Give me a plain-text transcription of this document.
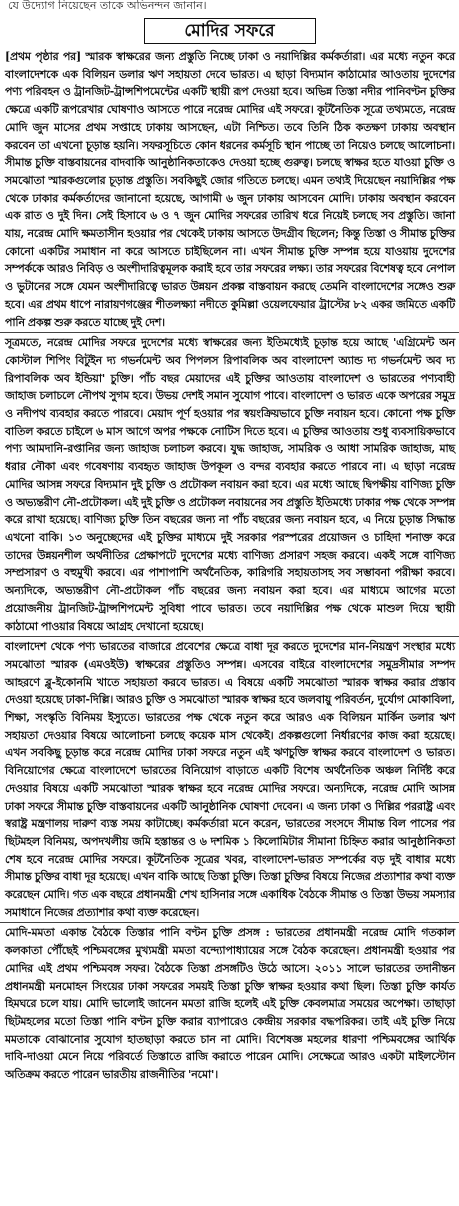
যে উদ্যোগ নিয়েছেন তাকে অভিনন্দন জানান।
মোদির সফরে

[প্রথম পৃষ্ঠার পর] স্মারক স্বাক্ষরের জন্য প্রস্তুতি নিচ্ছে ঢাকা ও নয়াদিল্লির কর্মকর্তারা। এর মধ্যে নতুন করে বাংলাদেশকে এক বিলিয়ন ডলার ঋণ সহায়তা দেবে ভারত। এ ছাড়া বিদ্যমান কাঠামোর আওতায় দুদেশের পণ্য পরিবহন ও ট্রানজিট-ট্রান্সশিপমেন্টের একটি স্থায়ী রূপ দেওয়া হবে। অভিন্ন তিস্তা নদীর পানিবণ্টন চুক্তির ক্ষেত্রে একটি রূপরেখার ঘোষণাও আসতে পারে নরেন্দ্র মোদির এই সফরে। কূটনৈতিক সূত্রে তথ্যমতে, নরেন্দ্র মোদি জুন মাসের প্রথম সপ্তাহে ঢাকায় আসছেন, এটা নিশ্চিত। তবে তিনি ঠিক কতক্ষণ ঢাকায় অবস্থান করবেন তা এখনো চূড়ান্ত হয়নি। সফরসূচিতে কোন ধরনের কর্মসূচি স্থান পাচ্ছে তা নিয়েও চলছে আলোচনা। সীমান্ত চুক্তি বাস্তবায়নের বাদবাকি আনুষ্ঠানিকতাকেও দেওয়া হচ্ছে গুরুত্ব। চলছে স্বাক্ষর হতে যাওয়া চুক্তি ও সমঝোতা স্মারকগুলোর চূড়ান্ত প্রস্তুতি। সবকিছুই জোর গতিতে চলছে। এমন তথ্যই দিয়েছেন নয়াদিল্লির পক্ষ থেকে ঢাকার কর্মকর্তাদের জানানো হয়েছে, আগামী ৬ জুন ঢাকায় আসবেন মোদি। ঢাকায় অবস্থান করবেন এক রাত ও দুই দিন। সেই হিসাবে ৬ ও ৭ জুন মোদির সফরের তারিখ ধরে নিয়েই চলছে সব প্রস্তুতি। জানা যায়, নরেন্দ্র মোদি ক্ষমতাসীন হওয়ার পর থেকেই ঢাকায় আসতে উদগ্রীব ছিলেন; কিন্তু তিস্তা ও সীমান্ত চুক্তির কোনো একটির সমাধান না করে আসতে চাইছিলেন না। এখন সীমান্ত চুক্তি সম্পন্ন হয়ে যাওয়ায় দুদেশের সম্পর্ককে আরও নিবিড় ও অংশীদারিত্বমূলক করাই হবে তার সফরের লক্ষ্য। তার সফরের বিশেষত্ব হবে নেপাল ও ভুটানের সঙ্গে যেমন অংশীদারিত্বে ভারত উন্নয়ন প্রকল্প বাস্তবায়ন করছে তেমনি বাংলাদেশের সঙ্গেও শুরু হবে। এর প্রথম ধাপে নারায়ণগঞ্জের শীতলক্ষ্যা নদীতে কুমিল্লা ওয়েলফেয়ার ট্রাস্টের ৮২ একর জমিতে একটি পানি প্রকল্প শুরু করতে যাচ্ছে দুই দেশ।

সূত্রমতে, নরেন্দ্র মোদির সফরে দুদেশের মধ্যে স্বাক্ষরের জন্য ইতিমধ্যেই চূড়ান্ত হয়ে আছে 'এগ্রিমেন্ট অন কোস্টাল শিপিং বিটুইন দ্য গভর্নমেন্ট অব পিপলস রিপাবলিক অব বাংলাদেশ অ্যান্ড দ্য গভর্নমেন্ট অব দ্য রিপাবলিক অব ইন্ডিয়া' চুক্তি। পাঁচ বছর মেয়াদের এই চুক্তির আওতায় বাংলাদেশ ও ভারতের পণ্যবাহী জাহাজ চলাচলে নৌপথ সুগম হবে। উভয় দেশই সমান সুযোগ পাবে। বাংলাদেশ ও ভারত একে অপরের সমুদ্র ও নদীপথ ব্যবহার করতে পারবে। মেয়াদ পূর্ণ হওয়ার পর স্বয়ংক্রিয়ভাবে চুক্তি নবায়ন হবে। কোনো পক্ষ চুক্তি বাতিল করতে চাইলে ৬ মাস আগে অপর পক্ষকে নোটিস দিতে হবে। এ চুক্তির আওতায় শুধু ব্যবসায়িকভাবে পণ্য আমদানি-রপ্তানির জন্য জাহাজ চলাচল করবে। যুদ্ধ জাহাজ, সামরিক ও আধা সামরিক জাহাজ, মাছ ধরার নৌকা এবং গবেষণায় ব্যবহৃত জাহাজ উপকূল ও বন্দর ব্যবহার করতে পারবে না। এ ছাড়া নরেন্দ্র মোদির আসন্ন সফরে বিদ্যমান দুই চুক্তি ও প্রটোকল নবায়ন করা হবে। এর মধ্যে আছে দ্বিপক্ষীয় বাণিজ্য চুক্তি ও অভ্যন্তরীণ নৌ-প্রটোকল। এই দুই চুক্তি ও প্রটোকল নবায়নের সব প্রস্তুতি ইতিমধ্যে ঢাকার পক্ষ থেকে সম্পন্ন করে রাখা হয়েছে। বাণিজ্য চুক্তি তিন বছরের জন্য না পাঁচ বছরের জন্য নবায়ন হবে, এ নিয়ে চূড়ান্ত সিদ্ধান্ত এখনো বাকি। ১৩ অনুচ্ছেদের এই চুক্তির মাধ্যমে দুই সরকার পরস্পরের প্রয়োজন ও চাহিদা শনাক্ত করে তাদের উন্নয়নশীল অর্থনীতির প্রেক্ষাপটে দুদেশের মধ্যে বাণিজ্য প্রসারণ সহজ করবে। একই সঙ্গে বাণিজ্য সম্প্রসারণ ও বহুমুখী করবে। এর পাশাপাশি অর্থনৈতিক, কারিগরি সহায়তাসহ সব সম্ভাবনা পরীক্ষা করবে। অন্যদিকে, অভ্যন্তরীণ নৌ-প্রটোকল পাঁচ বছরের জন্য নবায়ন করা হবে। এর মাধ্যমে আগের মতো প্রয়োজনীয় ট্রানজিট-ট্রান্সশিপমেন্ট সুবিধা পাবে ভারত। তবে নয়াদিল্লির পক্ষ থেকে মাশুল দিয়ে স্থায়ী কাঠামো পাওয়ার বিষয়ে আগ্রহ দেখানো হয়েছে।

বাংলাদেশ থেকে পণ্য ভারতের বাজারে প্রবেশের ক্ষেত্রে বাধা দূর করতে দুদেশের মান-নিয়ন্ত্রণ সংস্থার মধ্যে সমঝোতা স্মারক (এমওইউ) স্বাক্ষরের প্রস্তুতিও সম্পন্ন। এসবের বাইরে বাংলাদেশের সমুদ্রসীমার সম্পদ আহরণে ব্লু-ইকোনমি খাতে সহায়তা করবে ভারত। এ বিষয়ে একটি সমঝোতা স্মারক স্বাক্ষর করার প্রস্তাব দেওয়া হয়েছে ঢাকা-দিল্লি। আরও চুক্তি ও সমঝোতা স্মারক স্বাক্ষর হবে জলবায়ু পরিবর্তন, দুর্যোগ মোকাবিলা, শিক্ষা, সংস্কৃতি বিনিময় ইস্যুতে। ভারতের পক্ষ থেকে নতুন করে আরও এক বিলিয়ন মার্কিন ডলার ঋণ সহায়তা দেওয়ার বিষয়ে আলোচনা চলছে কয়েক মাস থেকেই। প্রকল্পগুলো নির্ধারণের কাজ করা হয়েছে। এখন সবকিছু চূড়ান্ত করে নরেন্দ্র মোদির ঢাকা সফরে নতুন এই ঋণচুক্তি স্বাক্ষর করবে বাংলাদেশ ও ভারত। বিনিয়োগের ক্ষেত্রে বাংলাদেশে ভারতের বিনিয়োগ বাড়াতে একটি বিশেষ অর্থনৈতিক অঞ্চল নির্দিষ্ট করে দেওয়ার বিষয়ে একটি সমঝোতা স্মারক স্বাক্ষর হবে নরেন্দ্র মোদির সফরে। অন্যদিকে, নরেন্দ্র মোদি আসন্ন ঢাকা সফরে সীমান্ত চুক্তি বাস্তবায়নের একটি আনুষ্ঠানিক ঘোষণা দেবেন। এ জন্য ঢাকা ও দিল্লির পররাষ্ট্র এবং স্বরাষ্ট্র মন্ত্রণালয় দারুণ ব্যস্ত সময় কাটাচ্ছে। কর্মকর্তারা মনে করেন, ভারতের সংসদে সীমান্ত বিল পাসের পর ছিটমহল বিনিময়, অপদখলীয় জমি হস্তান্তর ও ৬ দশমিক ১ কিলোমিটার সীমানা চিহ্নিত করার আনুষ্ঠানিকতা শেষ হবে নরেন্দ্র মোদির সফরে। কূটনৈতিক সূত্রের খবর, বাংলাদেশ-ভারত সম্পর্কের বড় দুই বাধার মধ্যে সীমান্ত চুক্তির বাধা দূর হয়েছে। এখন বাকি আছে তিস্তা চুক্তি। তিস্তা চুক্তির বিষয়ে নিজের প্রত্যাশার কথা ব্যক্ত করেছেন মোদি। গত এক বছরে প্রধানমন্ত্রী শেখ হাসিনার সঙ্গে একাধিক বৈঠকে সীমান্ত ও তিস্তা উভয় সমস্যার সমাধানে নিজের প্রত্যাশার কথা ব্যক্ত করেছেন।

মোদি-মমতা একান্ত বৈঠকে তিস্তার পানি বণ্টন চুক্তি প্রসঙ্গ : ভারতের প্রধানমন্ত্রী নরেন্দ্র মোদি গতকাল কলকাতা পৌঁছেই পশ্চিমবঙ্গের মুখ্যমন্ত্রী মমতা বন্দ্যোপাধ্যায়ের সঙ্গে বৈঠক করেছেন। প্রধানমন্ত্রী হওয়ার পর মোদির এই প্রথম পশ্চিমবঙ্গ সফর। বৈঠকে তিস্তা প্রসঙ্গটিও উঠে আসে। ২০১১ সালে ভারতের তদানীন্তন প্রধানমন্ত্রী মনমোহন সিংয়ের ঢাকা সফরের সময়ই তিস্তা চুক্তি স্বাক্ষর হওয়ার কথা ছিল। তিস্তা চুক্তি কার্যত হিমঘরে চলে যায়। মোদি ভালোই জানেন মমতা রাজি হলেই এই চুক্তি কেবলমাত্র সময়ের অপেক্ষা। তাছাড়া ছিটমহলের মতো তিস্তা পানি বণ্টন চুক্তি করার ব্যাপারেও কেন্দ্রীয় সরকার বদ্ধপরিকর। তাই এই চুক্তি নিয়ে মমতাকে বোঝানোর সুযোগ হাতছাড়া করতে চান না মোদি। বিশেষজ্ঞ মহলের ধারণা পশ্চিমবঙ্গের আর্থিক দাবি-দাওয়া মেনে নিয়ে পরিবর্তে তিস্তাতে রাজি করাতে পারেন মোদি। সেক্ষেত্রে আরও একটা মাইলস্টোন অতিক্রম করতে পারেন ভারতীয় রাজনীতির 'নমো'।
